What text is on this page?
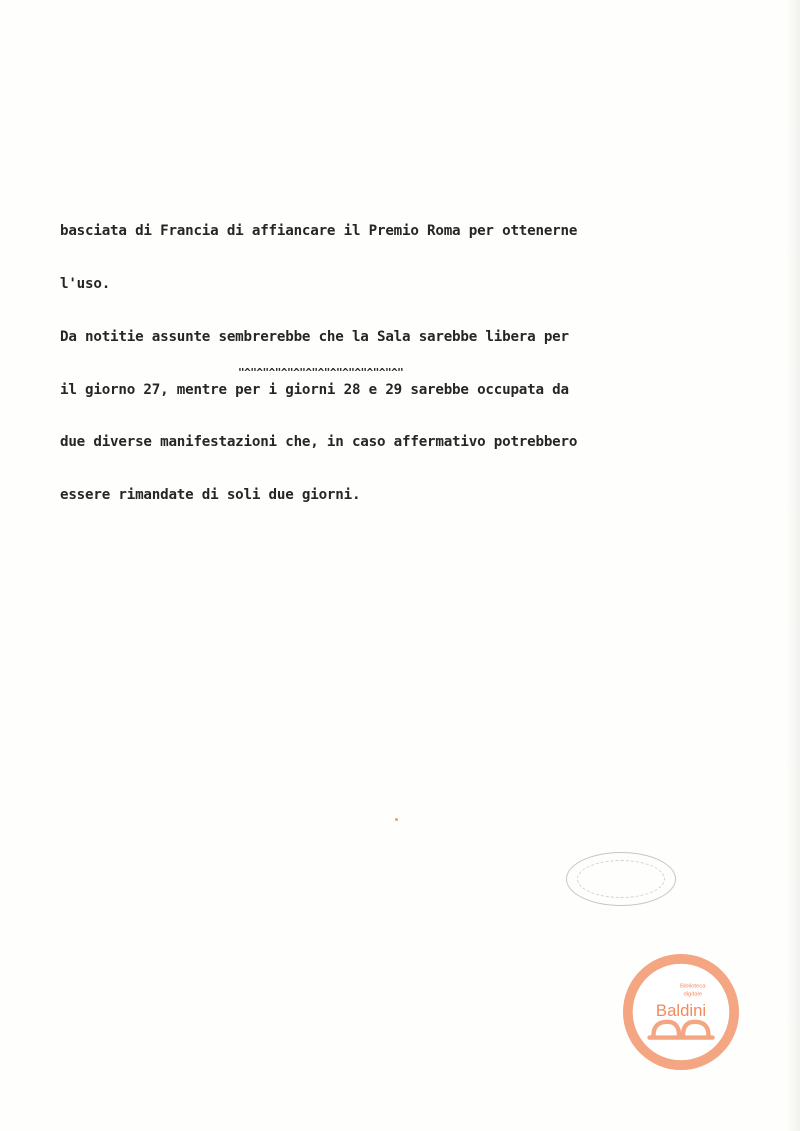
basciata di Francia di affiancare il Premio Roma per ottenerne

l'uso.

Da notitie assunte sembrerebbe che la Sala sarebbe libera per

il giorno 27, mentre per i giorni 28 e 29 sarebbe occupata da

due diverse manifestazioni che, in caso affermativo potrebbero

essere rimandate di soli due giorni.

"^"^"^"^"^"^"^"^"^"^"^"^"^"
Biblioteca
digitale
Baldini
